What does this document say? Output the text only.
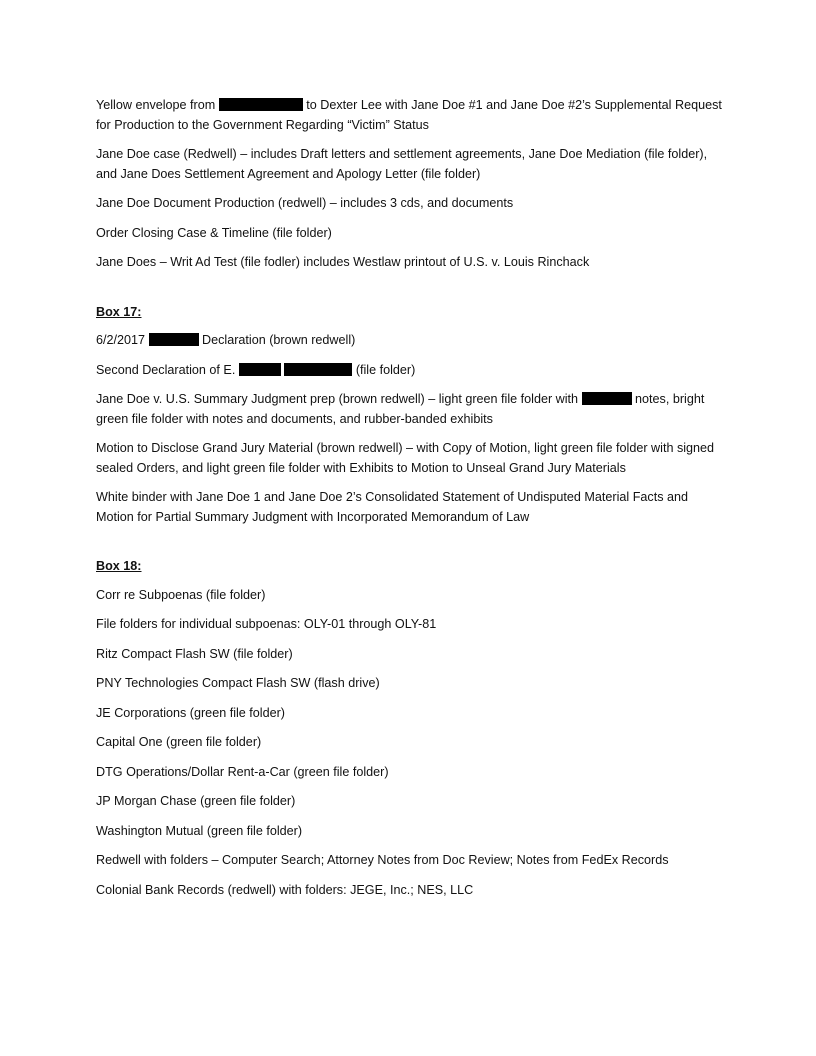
Yellow envelope from	to Dexter Lee with Jane Doe #1 and Jane Doe #2’s Supplemental Request for Production to the Government Regarding “Victim” Status

Jane Doe case (Redwell) – includes Draft letters and settlement agreements, Jane Doe Mediation (file folder), and Jane Does Settlement Agreement and Apology Letter (file folder)

Jane Doe Document Production (redwell) – includes 3 cds, and documents

Order Closing Case & Timeline (file folder)

Jane Does – Writ Ad Test (file fodler) includes Westlaw printout of U.S. v. Louis Rinchack

Box 17:

6/2/2017	Declaration (brown redwell)

Second Declaration of E.	(file folder)

Jane Doe v. U.S. Summary Judgment prep (brown redwell) – light green file folder with	notes, bright green file folder with notes and documents, and rubber-banded exhibits

Motion to Disclose Grand Jury Material (brown redwell) – with Copy of Motion, light green file folder with signed sealed Orders, and light green file folder with Exhibits to Motion to Unseal Grand Jury Materials

White binder with Jane Doe 1 and Jane Doe 2’s Consolidated Statement of Undisputed Material Facts and Motion for Partial Summary Judgment with Incorporated Memorandum of Law

Box 18:

Corr re Subpoenas (file folder)

File folders for individual subpoenas: OLY-01 through OLY-81

Ritz Compact Flash SW (file folder)

PNY Technologies Compact Flash SW (flash drive)

JE Corporations (green file folder)

Capital One (green file folder)

DTG Operations/Dollar Rent-a-Car (green file folder)

JP Morgan Chase (green file folder)

Washington Mutual (green file folder)

Redwell with folders – Computer Search; Attorney Notes from Doc Review; Notes from FedEx Records

Colonial Bank Records (redwell) with folders: JEGE, Inc.; NES, LLC
